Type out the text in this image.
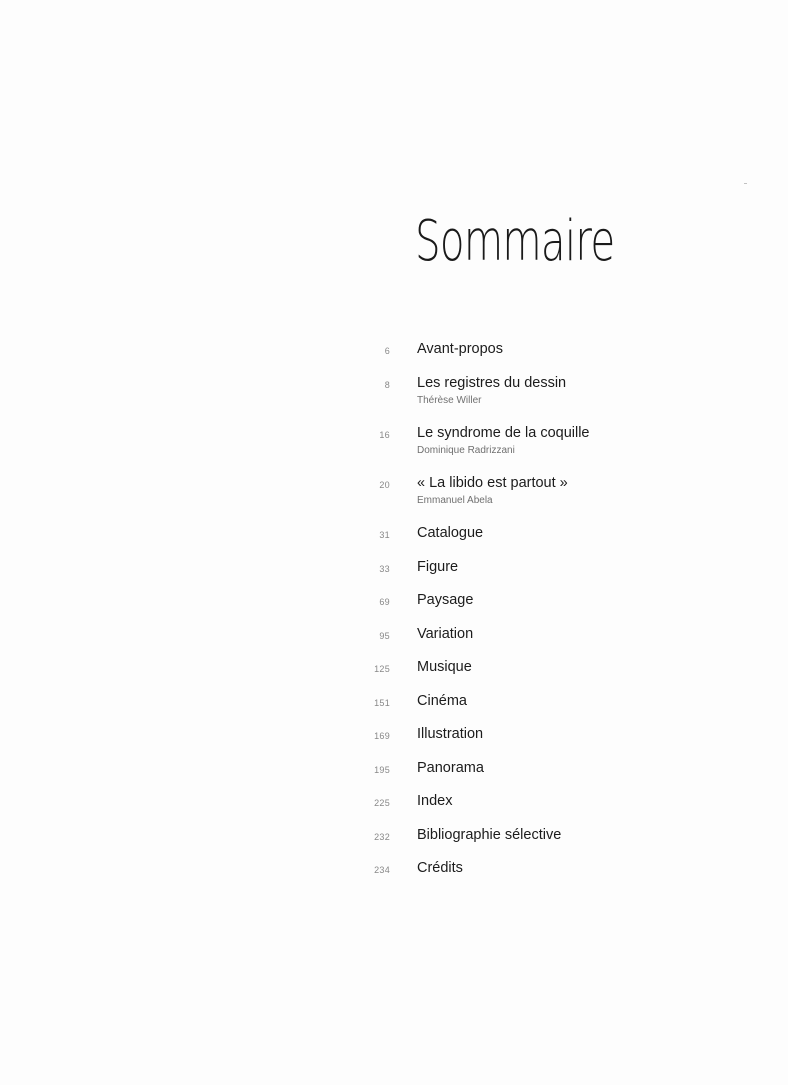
Sommaire
6 Avant-propos
8 Les registres du dessin
Thérèse Willer
16 Le syndrome de la coquille
Dominique Radrizzani
20 « La libido est partout »
Emmanuel Abela
31 Catalogue
33 Figure
69 Paysage
95 Variation
125 Musique
151 Cinéma
169 Illustration
195 Panorama
225 Index
232 Bibliographie sélective
234 Crédits
